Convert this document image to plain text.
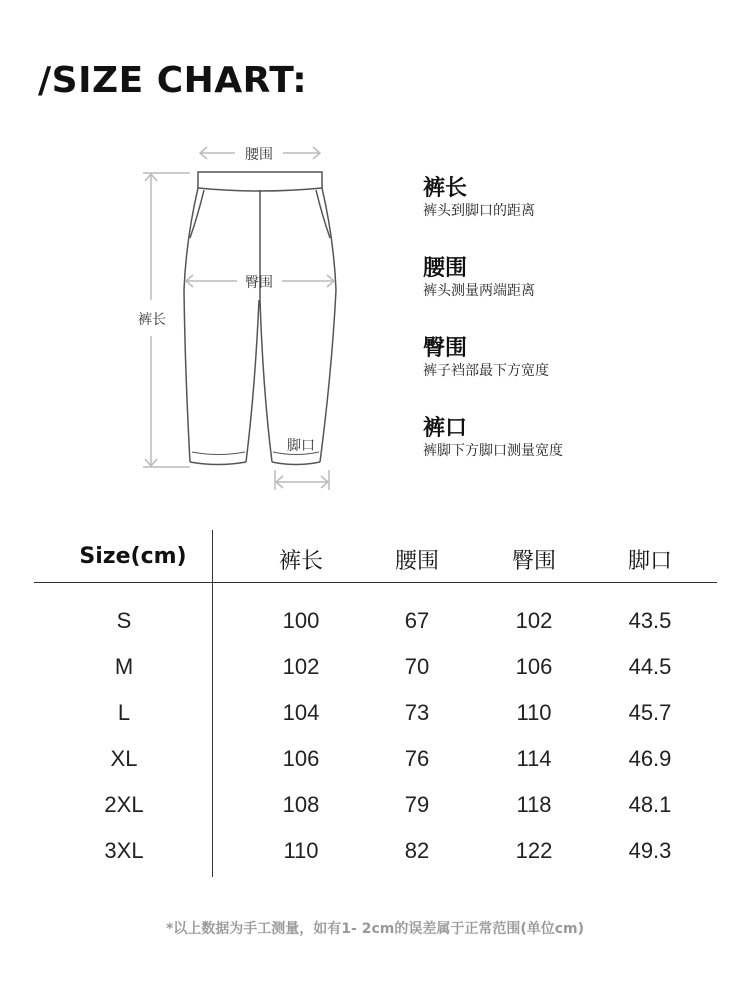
/SIZE CHART:
腰围
裤长
臀围
脚口
裤长
裤头到脚口的距离
腰围
裤头测量两端距离
臀围
裤子裆部最下方宽度
裤口
裤脚下方脚口测量宽度
Size(cm)	裤长	腰围	臀围	脚口
S	100	67	102	43.5
M	102	70	106	44.5
L	104	73	110	45.7
XL	106	76	114	46.9
2XL	108	79	118	48.1
3XL	110	82	122	49.3
*以上数据为手工测量，如有1- 2cm的误差属于正常范围(单位cm)
